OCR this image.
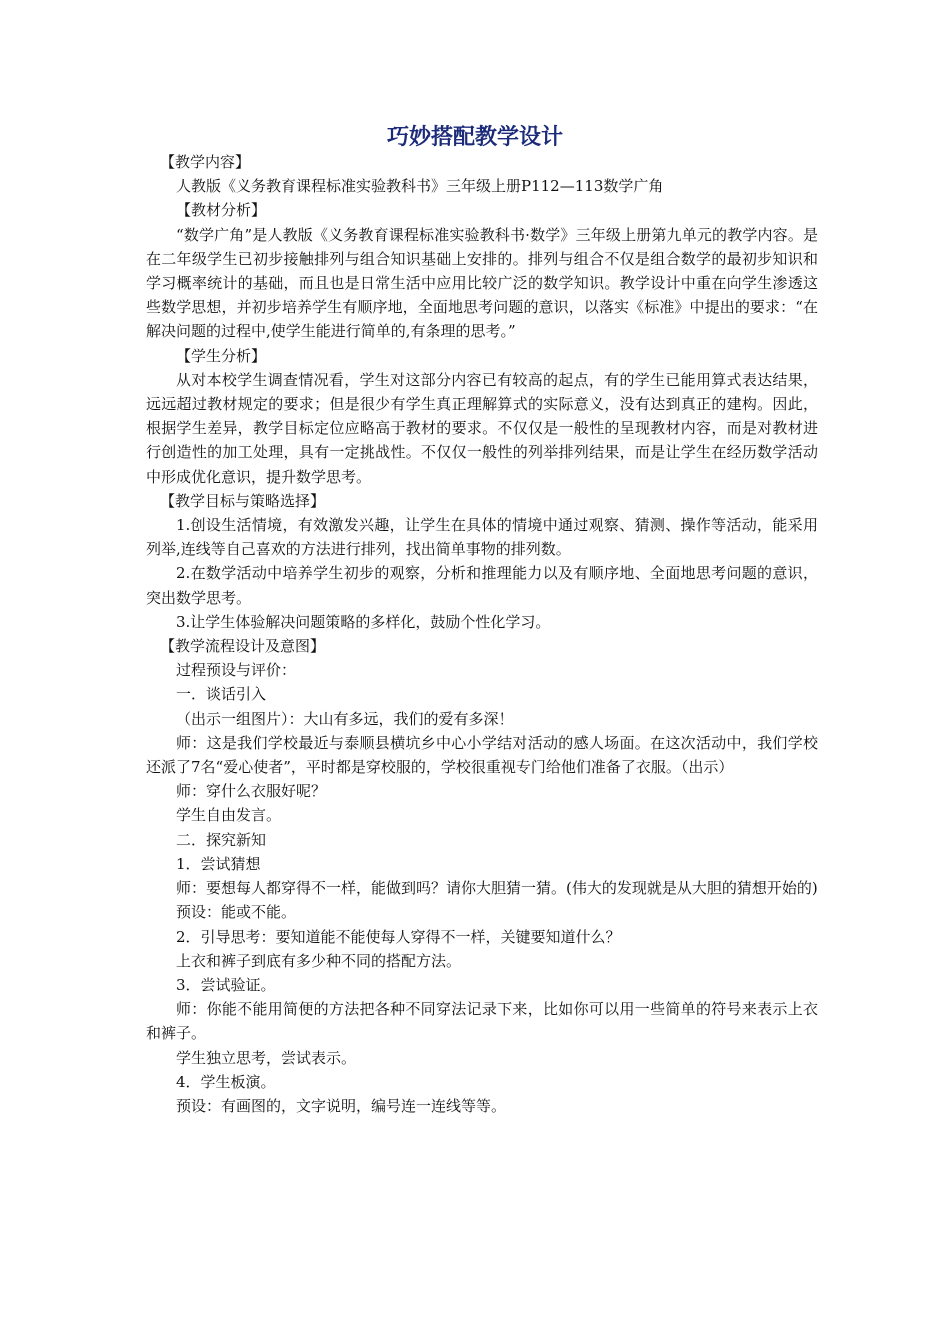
巧妙搭配教学设计

【教学内容】

人教版《义务教育课程标准实验教科书》三年级上册P112—113数学广角

【教材分析】

“数学广角”是人教版《义务教育课程标准实验教科书·数学》三年级上册第九单元的教学内容。是在二年级学生已初步接触排列与组合知识基础上安排的。排列与组合不仅是组合数学的最初步知识和学习概率统计的基础，而且也是日常生活中应用比较广泛的数学知识。教学设计中重在向学生渗透这些数学思想，并初步培养学生有顺序地，全面地思考问题的意识，以落实《标准》中提出的要求：“在解决问题的过程中,使学生能进行简单的,有条理的思考。”

【学生分析】

从对本校学生调查情况看，学生对这部分内容已有较高的起点，有的学生已能用算式表达结果，远远超过教材规定的要求；但是很少有学生真正理解算式的实际意义，没有达到真正的建构。因此，根据学生差异，教学目标定位应略高于教材的要求。不仅仅是一般性的呈现教材内容，而是对教材进行创造性的加工处理，具有一定挑战性。不仅仅一般性的列举排列结果，而是让学生在经历数学活动中形成优化意识，提升数学思考。

【教学目标与策略选择】

1.创设生活情境，有效激发兴趣，让学生在具体的情境中通过观察、猜测、操作等活动，能采用列举,连线等自己喜欢的方法进行排列，找出简单事物的排列数。

2.在数学活动中培养学生初步的观察，分析和推理能力以及有顺序地、全面地思考问题的意识，突出数学思考。

3.让学生体验解决问题策略的多样化，鼓励个性化学习。

【教学流程设计及意图】

过程预设与评价：

一．谈话引入

（出示一组图片）：大山有多远，我们的爱有多深！

师：这是我们学校最近与泰顺县横坑乡中心小学结对活动的感人场面。在这次活动中，我们学校还派了7名“爱心使者”，平时都是穿校服的，学校很重视专门给他们准备了衣服。（出示）

师：穿什么衣服好呢？

学生自由发言。

二．探究新知

1．尝试猜想

师：要想每人都穿得不一样，能做到吗？请你大胆猜一猜。(伟大的发现就是从大胆的猜想开始的)

预设：能或不能。

2．引导思考：要知道能不能使每人穿得不一样，关键要知道什么？

上衣和裤子到底有多少种不同的搭配方法。

3．尝试验证。

师：你能不能用简便的方法把各种不同穿法记录下来，比如你可以用一些简单的符号来表示上衣和裤子。

学生独立思考，尝试表示。

4．学生板演。

预设：有画图的，文字说明，编号连一连线等等。
